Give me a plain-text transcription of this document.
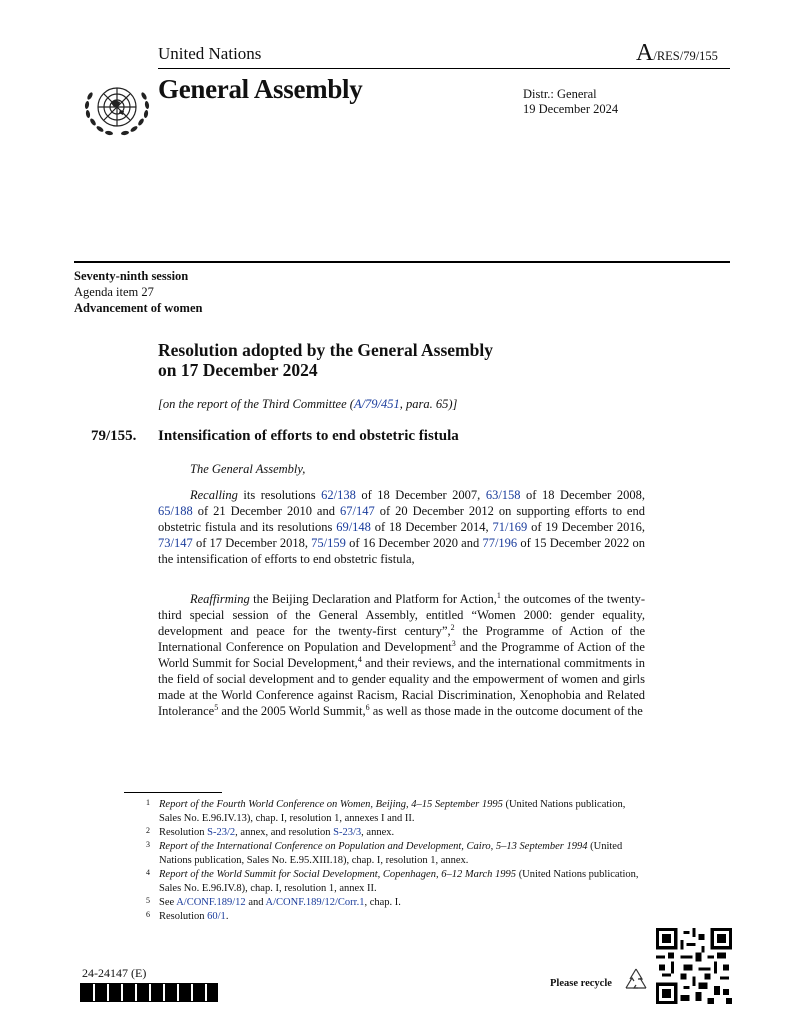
United Nations	A/RES/79/155
General Assembly	Distr.: General
19 December 2024
Seventy-ninth session
Agenda item 27
Advancement of women
Resolution adopted by the General Assembly
on 17 December 2024
[on the report of the Third Committee (A/79/451, para. 65)]
79/155. Intensification of efforts to end obstetric fistula
The General Assembly,

Recalling its resolutions 62/138 of 18 December 2007, 63/158 of 18 December 2008, 65/188 of 21 December 2010 and 67/147 of 20 December 2012 on supporting efforts to end obstetric fistula and its resolutions 69/148 of 18 December 2014, 71/169 of 19 December 2016, 73/147 of 17 December 2018, 75/159 of 16 December 2020 and 77/196 of 15 December 2022 on the intensification of efforts to end obstetric fistula,

Reaffirming the Beijing Declaration and Platform for Action,$^1$ the outcomes of the twenty-third special session of the General Assembly, entitled “Women 2000: gender equality, development and peace for the twenty-first century”,$^2$ the Programme of Action of the International Conference on Population and Development$^3$ and the Programme of Action of the World Summit for Social Development,$^4$ and their reviews, and the international commitments in the field of social development and to gender equality and the empowerment of women and girls made at the World Conference against Racism, Racial Discrimination, Xenophobia and Related Intolerance$^5$ and the 2005 World Summit,$^6$ as well as those made in the outcome document of the

1 Report of the Fourth World Conference on Women, Beijing, 4–15 September 1995 (United Nations publication, Sales No. E.96.IV.13), chap. I, resolution 1, annexes I and II.
2 Resolution S-23/2, annex, and resolution S-23/3, annex.
3 Report of the International Conference on Population and Development, Cairo, 5–13 September 1994 (United Nations publication, Sales No. E.95.XIII.18), chap. I, resolution 1, annex.
4 Report of the World Summit for Social Development, Copenhagen, 6–12 March 1995 (United Nations publication, Sales No. E.96.IV.8), chap. I, resolution 1, annex II.
5 See A/CONF.189/12 and A/CONF.189/12/Corr.1, chap. I.
6 Resolution 60/1.
24-24147 (E)
Please recycle
